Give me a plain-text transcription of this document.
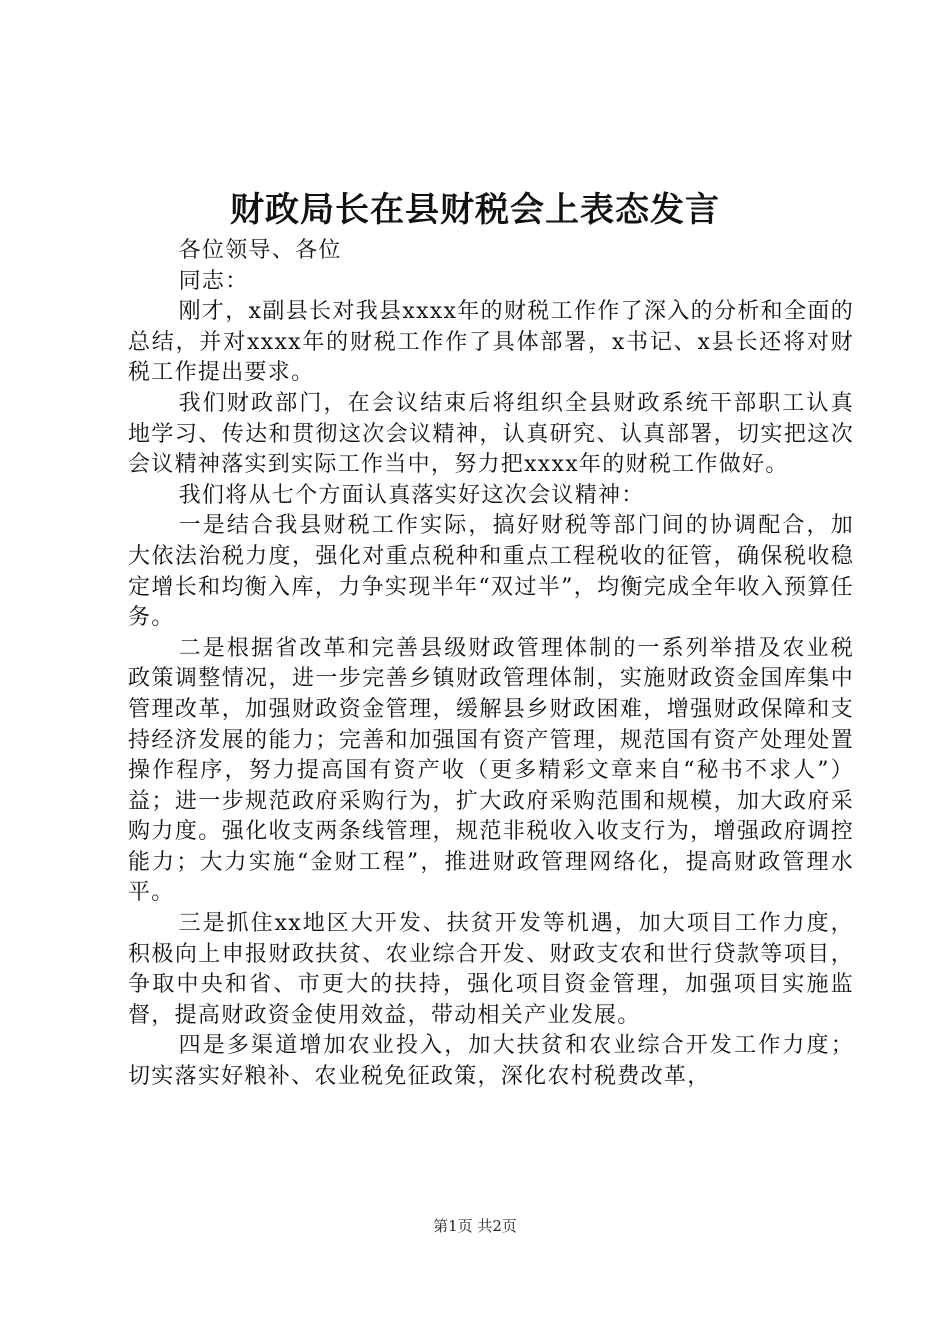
财政局长在县财税会上表态发言

各位领导、各位

同志：

刚才，x副县长对我县xxxx年的财税工作作了深入的分析和全面的总结，并对xxxx年的财税工作作了具体部署，x书记、x县长还将对财税工作提出要求。

我们财政部门，在会议结束后将组织全县财政系统干部职工认真地学习、传达和贯彻这次会议精神，认真研究、认真部署，切实把这次会议精神落实到实际工作当中，努力把xxxx年的财税工作做好。

我们将从七个方面认真落实好这次会议精神：

一是结合我县财税工作实际，搞好财税等部门间的协调配合，加大依法治税力度，强化对重点税种和重点工程税收的征管，确保税收稳定增长和均衡入库，力争实现半年“双过半”，均衡完成全年收入预算任务。

二是根据省改革和完善县级财政管理体制的一系列举措及农业税政策调整情况，进一步完善乡镇财政管理体制，实施财政资金国库集中管理改革，加强财政资金管理，缓解县乡财政困难，增强财政保障和支持经济发展的能力；完善和加强国有资产管理，规范国有资产处理处置操作程序，努力提高国有资产收（更多精彩文章来自“秘书不求人”）益；进一步规范政府采购行为，扩大政府采购范围和规模，加大政府采购力度。强化收支两条线管理，规范非税收入收支行为，增强政府调控能力；大力实施“金财工程”，推进财政管理网络化，提高财政管理水平。

三是抓住xx地区大开发、扶贫开发等机遇，加大项目工作力度，积极向上申报财政扶贫、农业综合开发、财政支农和世行贷款等项目，争取中央和省、市更大的扶持，强化项目资金管理，加强项目实施监督，提高财政资金使用效益，带动相关产业发展。

四是多渠道增加农业投入，加大扶贫和农业综合开发工作力度；切实落实好粮补、农业税免征政策，深化农村税费改革，

第1页 共2页
